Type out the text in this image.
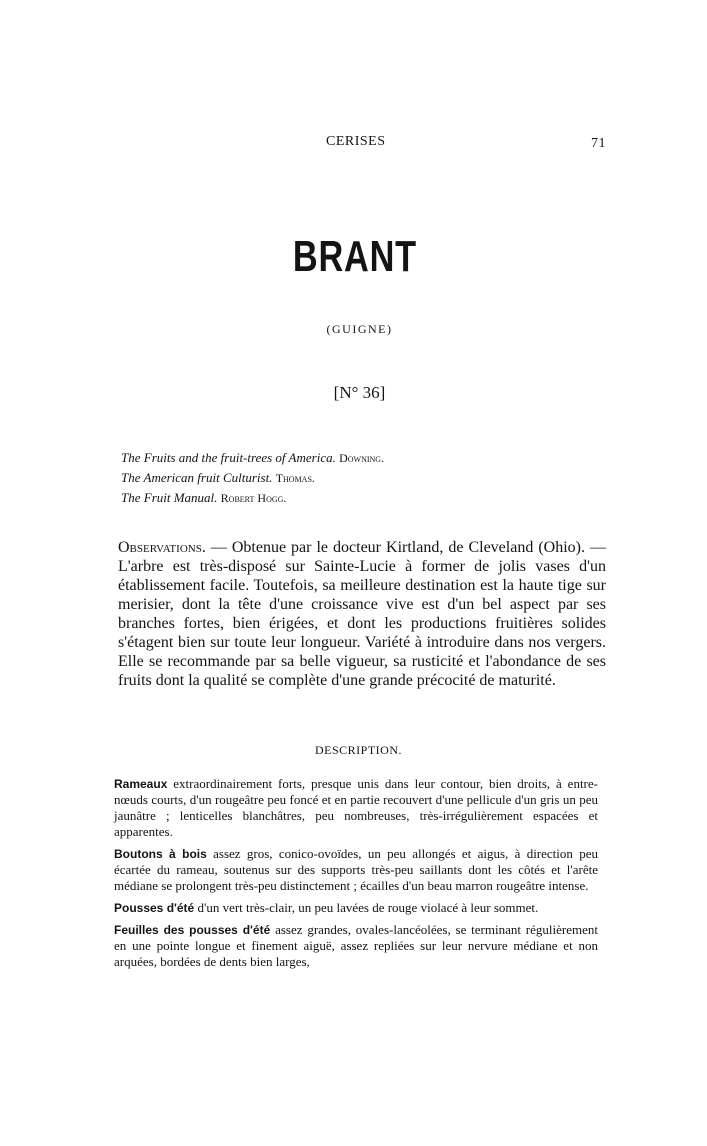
CERISES	71
BRANT
(GUIGNE)
[N° 36]
The Fruits and the fruit-trees of America. Downing.
The American fruit Culturist. Thomas.
The Fruit Manual. Robert Hogg.
Observations. — Obtenue par le docteur Kirtland, de Cleveland (Ohio). — L'arbre est très-disposé sur Sainte-Lucie à former de jolis vases d'un établissement facile. Toutefois, sa meilleure destination est la haute tige sur merisier, dont la tête d'une croissance vive est d'un bel aspect par ses branches fortes, bien érigées, et dont les productions fruitières solides s'étagent bien sur toute leur longueur. Variété à introduire dans nos vergers. Elle se recommande par sa belle vigueur, sa rusticité et l'abondance de ses fruits dont la qualité se complète d'une grande précocité de maturité.
DESCRIPTION.

Rameaux extraordinairement forts, presque unis dans leur contour, bien droits, à entre-nœuds courts, d'un rougeâtre peu foncé et en partie recouvert d'une pellicule d'un gris un peu jaunâtre ; lenticelles blanchâtres, peu nombreuses, très-irrégulièrement espacées et apparentes.

Boutons à bois assez gros, conico-ovoïdes, un peu allongés et aigus, à direction peu écartée du rameau, soutenus sur des supports très-peu saillants dont les côtés et l'arête médiane se prolongent très-peu distinctement ; écailles d'un beau marron rougeâtre intense.

Pousses d'été d'un vert très-clair, un peu lavées de rouge violacé à leur sommet.

Feuilles des pousses d'été assez grandes, ovales-lancéolées, se terminant régulièrement en une pointe longue et finement aiguë, assez repliées sur leur nervure médiane et non arquées, bordées de dents bien larges,
